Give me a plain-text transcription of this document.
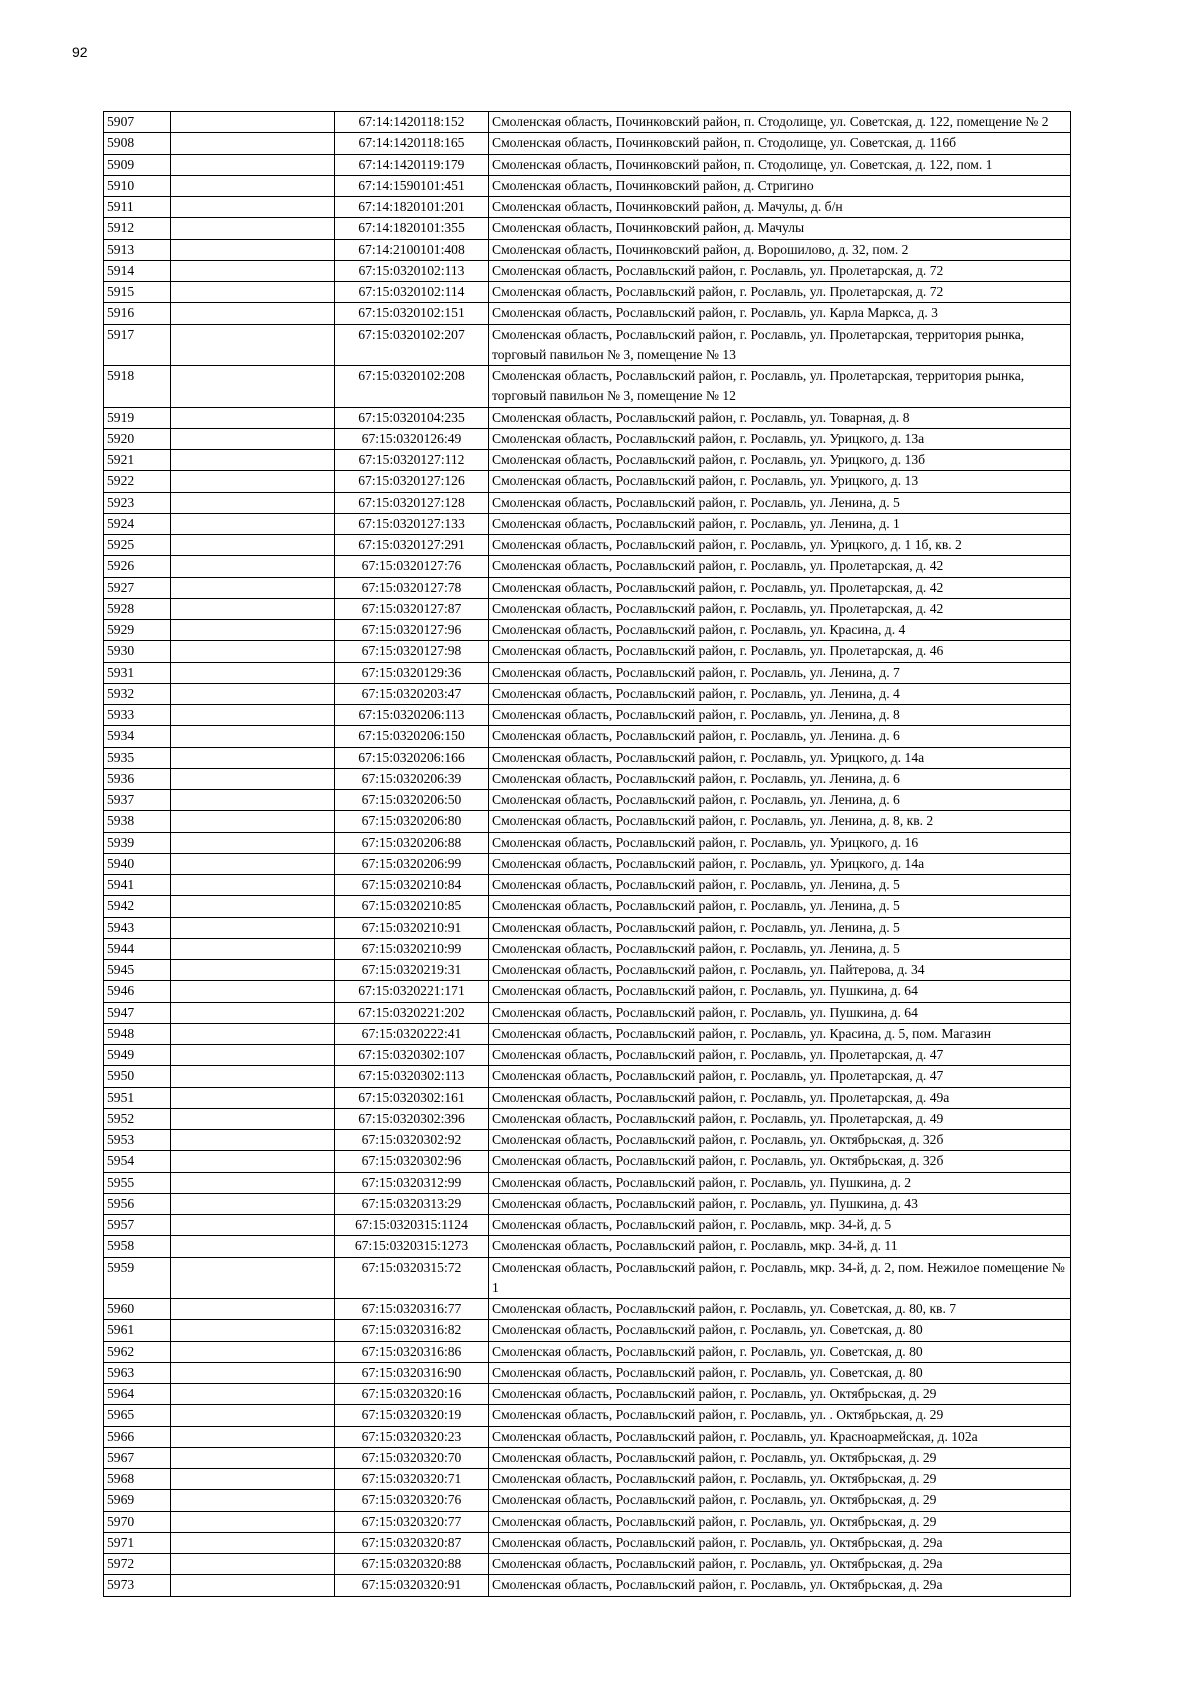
92
5907		67:14:1420118:152	Смоленская область, Починковский район, п. Стодолище, ул. Советская, д. 122, помещение № 2
5908		67:14:1420118:165	Смоленская область, Починковский район, п. Стодолище, ул. Советская, д. 116б
5909		67:14:1420119:179	Смоленская область, Починковский район, п. Стодолище, ул. Советская, д. 122, пом. 1
5910		67:14:1590101:451	Смоленская область, Починковский район, д. Стригино
5911		67:14:1820101:201	Смоленская область, Починковский район, д. Мачулы, д. б/н
5912		67:14:1820101:355	Смоленская область, Починковский район, д. Мачулы
5913		67:14:2100101:408	Смоленская область, Починковский район, д. Ворошилово, д. 32, пом. 2
5914		67:15:0320102:113	Смоленская область, Рославльский район, г. Рославль, ул. Пролетарская, д. 72
5915		67:15:0320102:114	Смоленская область, Рославльский район, г. Рославль, ул. Пролетарская, д. 72
5916		67:15:0320102:151	Смоленская область, Рославльский район, г. Рославль, ул. Карла Маркса, д. 3
5917		67:15:0320102:207	Смоленская область, Рославльский район, г. Рославль, ул. Пролетарская, территория рынка, торговый павильон № 3, помещение № 13
5918		67:15:0320102:208	Смоленская область, Рославльский район, г. Рославль, ул. Пролетарская, территория рынка, торговый павильон № 3, помещение № 12
5919		67:15:0320104:235	Смоленская область, Рославльский район, г. Рославль, ул. Товарная, д. 8
5920		67:15:0320126:49	Смоленская область, Рославльский район, г. Рославль, ул. Урицкого, д. 13а
5921		67:15:0320127:112	Смоленская область, Рославльский район, г. Рославль, ул. Урицкого, д. 13б
5922		67:15:0320127:126	Смоленская область, Рославльский район, г. Рославль, ул. Урицкого, д. 13
5923		67:15:0320127:128	Смоленская область, Рославльский район, г. Рославль, ул. Ленина, д. 5
5924		67:15:0320127:133	Смоленская область, Рославльский район, г. Рославль, ул. Ленина, д. 1
5925		67:15:0320127:291	Смоленская область, Рославльский район, г. Рославль, ул. Урицкого, д. 1 1б, кв. 2
5926		67:15:0320127:76	Смоленская область, Рославльский район, г. Рославль, ул. Пролетарская, д. 42
5927		67:15:0320127:78	Смоленская область, Рославльский район, г. Рославль, ул. Пролетарская, д. 42
5928		67:15:0320127:87	Смоленская область, Рославльский район, г. Рославль, ул. Пролетарская, д. 42
5929		67:15:0320127:96	Смоленская область, Рославльский район, г. Рославль, ул. Красина, д. 4
5930		67:15:0320127:98	Смоленская область, Рославльский район, г. Рославль, ул. Пролетарская, д. 46
5931		67:15:0320129:36	Смоленская область, Рославльский район, г. Рославль, ул. Ленина, д. 7
5932		67:15:0320203:47	Смоленская область, Рославльский район, г. Рославль, ул. Ленина, д. 4
5933		67:15:0320206:113	Смоленская область, Рославльский район, г. Рославль, ул. Ленина, д. 8
5934		67:15:0320206:150	Смоленская область, Рославльский район, г. Рославль, ул. Ленина. д. 6
5935		67:15:0320206:166	Смоленская область, Рославльский район, г. Рославль, ул. Урицкого, д. 14а
5936		67:15:0320206:39	Смоленская область, Рославльский район, г. Рославль, ул. Ленина, д. 6
5937		67:15:0320206:50	Смоленская область, Рославльский район, г. Рославль, ул. Ленина, д. 6
5938		67:15:0320206:80	Смоленская область, Рославльский район, г. Рославль, ул. Ленина, д. 8, кв. 2
5939		67:15:0320206:88	Смоленская область, Рославльский район, г. Рославль, ул. Урицкого, д. 16
5940		67:15:0320206:99	Смоленская область, Рославльский район, г. Рославль, ул. Урицкого, д. 14а
5941		67:15:0320210:84	Смоленская область, Рославльский район, г. Рославль, ул. Ленина, д. 5
5942		67:15:0320210:85	Смоленская область, Рославльский район, г. Рославль, ул. Ленина, д. 5
5943		67:15:0320210:91	Смоленская область, Рославльский район, г. Рославль, ул. Ленина, д. 5
5944		67:15:0320210:99	Смоленская область, Рославльский район, г. Рославль, ул. Ленина, д. 5
5945		67:15:0320219:31	Смоленская область, Рославльский район, г. Рославль, ул. Пайтерова, д. 34
5946		67:15:0320221:171	Смоленская область, Рославльский район, г. Рославль, ул. Пушкина, д. 64
5947		67:15:0320221:202	Смоленская область, Рославльский район, г. Рославль, ул. Пушкина, д. 64
5948		67:15:0320222:41	Смоленская область, Рославльский район, г. Рославль, ул. Красина, д. 5, пом. Магазин
5949		67:15:0320302:107	Смоленская область, Рославльский район, г. Рославль, ул. Пролетарская, д. 47
5950		67:15:0320302:113	Смоленская область, Рославльский район, г. Рославль, ул. Пролетарская, д. 47
5951		67:15:0320302:161	Смоленская область, Рославльский район, г. Рославль, ул. Пролетарская, д. 49а
5952		67:15:0320302:396	Смоленская область, Рославльский район, г. Рославль, ул. Пролетарская, д. 49
5953		67:15:0320302:92	Смоленская область, Рославльский район, г. Рославль, ул. Октябрьская, д. 32б
5954		67:15:0320302:96	Смоленская область, Рославльский район, г. Рославль, ул. Октябрьская, д. 32б
5955		67:15:0320312:99	Смоленская область, Рославльский район, г. Рославль, ул. Пушкина, д. 2
5956		67:15:0320313:29	Смоленская область, Рославльский район, г. Рославль, ул. Пушкина, д. 43
5957		67:15:0320315:1124	Смоленская область, Рославльский район, г. Рославль, мкр. 34-й, д. 5
5958		67:15:0320315:1273	Смоленская область, Рославльский район, г. Рославль, мкр. 34-й, д. 11
5959		67:15:0320315:72	Смоленская область, Рославльский район, г. Рославль, мкр. 34-й, д. 2, пом. Нежилое помещение № 1
5960		67:15:0320316:77	Смоленская область, Рославльский район, г. Рославль, ул. Советская, д. 80, кв. 7
5961		67:15:0320316:82	Смоленская область, Рославльский район, г. Рославль, ул. Советская, д. 80
5962		67:15:0320316:86	Смоленская область, Рославльский район, г. Рославль, ул. Советская, д. 80
5963		67:15:0320316:90	Смоленская область, Рославльский район, г. Рославль, ул. Советская, д. 80
5964		67:15:0320320:16	Смоленская область, Рославльский район, г. Рославль, ул. Октябрьская, д. 29
5965		67:15:0320320:19	Смоленская область, Рославльский район, г. Рославль, ул. . Октябрьская, д. 29
5966		67:15:0320320:23	Смоленская область, Рославльский район, г. Рославль, ул. Красноармейская, д. 102а
5967		67:15:0320320:70	Смоленская область, Рославльский район, г. Рославль, ул. Октябрьская, д. 29
5968		67:15:0320320:71	Смоленская область, Рославльский район, г. Рославль, ул. Октябрьская, д. 29
5969		67:15:0320320:76	Смоленская область, Рославльский район, г. Рославль, ул. Октябрьская, д. 29
5970		67:15:0320320:77	Смоленская область, Рославльский район, г. Рославль, ул. Октябрьская, д. 29
5971		67:15:0320320:87	Смоленская область, Рославльский район, г. Рославль, ул. Октябрьская, д. 29а
5972		67:15:0320320:88	Смоленская область, Рославльский район, г. Рославль, ул. Октябрьская, д. 29а
5973		67:15:0320320:91	Смоленская область, Рославльский район, г. Рославль, ул. Октябрьская, д. 29а
